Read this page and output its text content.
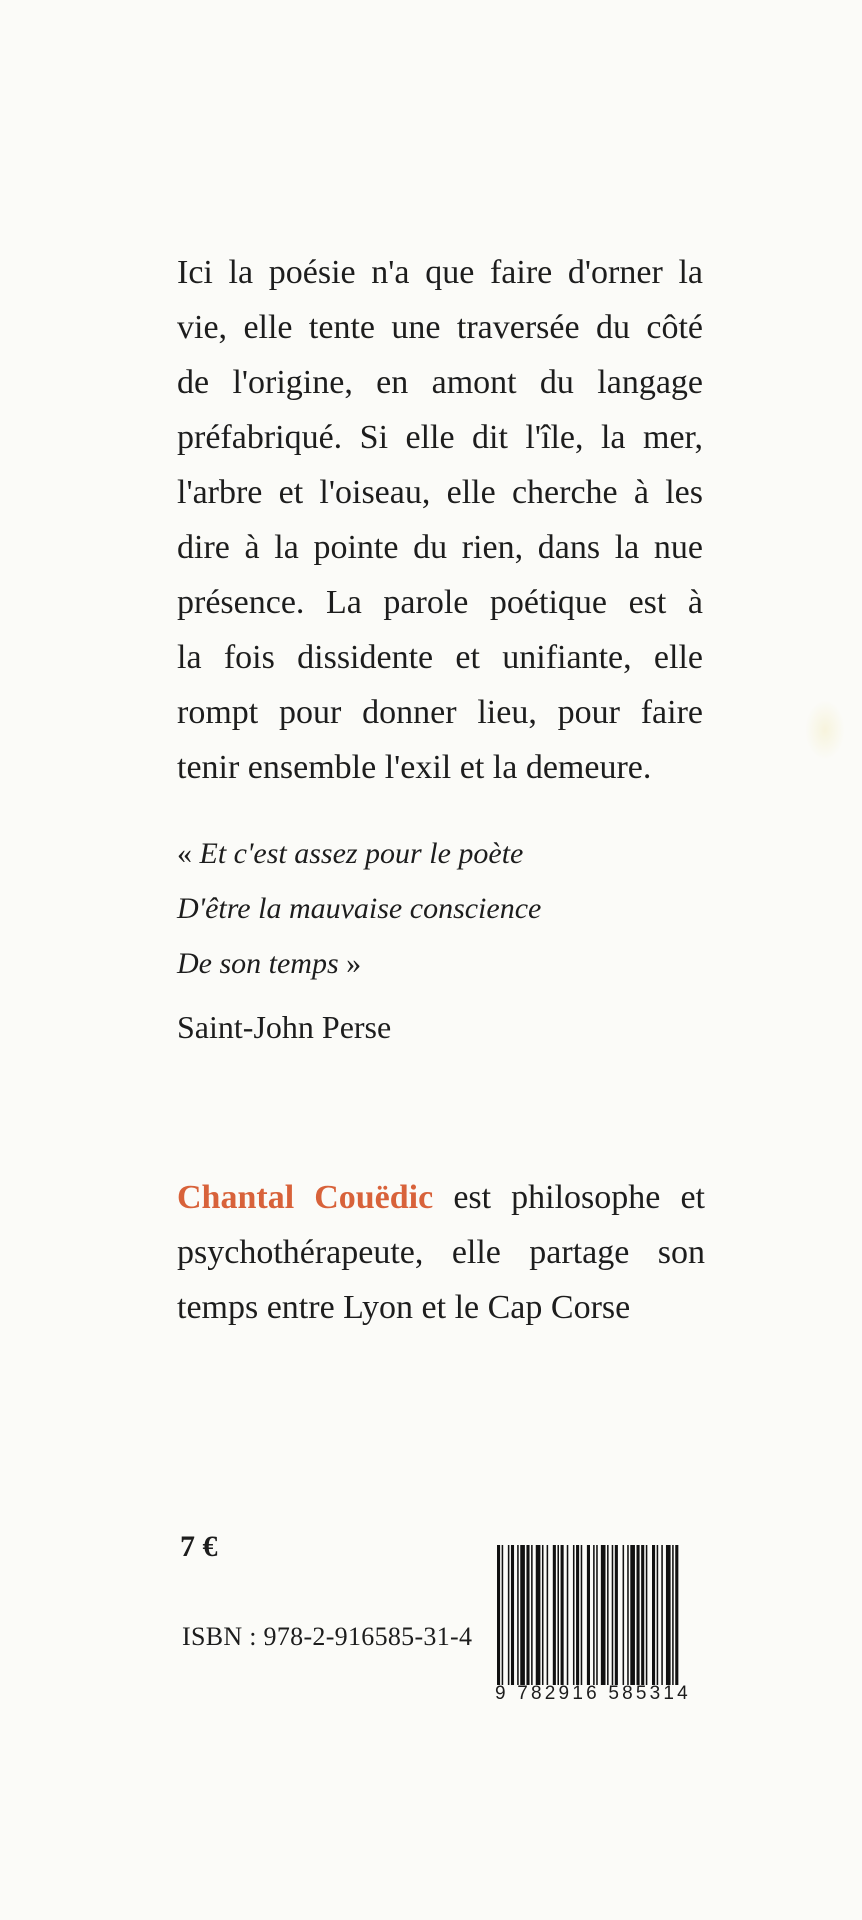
Ici la poésie n'a que faire d'orner la
vie, elle tente une traversée du côté
de l'origine, en amont du langage
préfabriqué. Si elle dit l'île, la mer,
l'arbre et l'oiseau, elle cherche à les
dire à la pointe du rien, dans la nue
présence. La parole poétique est à
la fois dissidente et unifiante, elle
rompt pour donner lieu, pour faire
tenir ensemble l'exil et la demeure.
« Et c'est assez pour le poète
D'être la mauvaise conscience
De son temps »
Saint-John Perse
Chantal Couëdic est philosophe et
psychothérapeute, elle partage son
temps entre Lyon et le Cap Corse
7 €
ISBN : 978-2-916585-31-4
9 782916 585314
